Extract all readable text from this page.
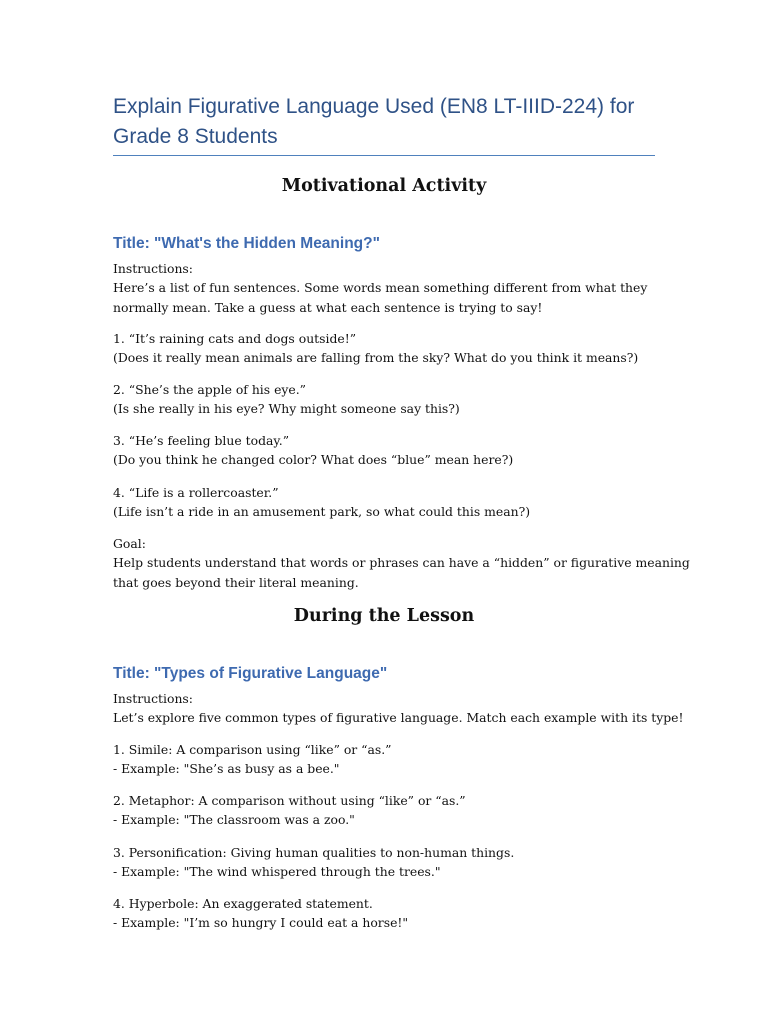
Explain Figurative Language Used (EN8 LT-IIID-224) for Grade 8 Students
Motivational Activity
Title: "What's the Hidden Meaning?"

Instructions:
Here’s a list of fun sentences. Some words mean something different from what they
normally mean. Take a guess at what each sentence is trying to say!

1. “It’s raining cats and dogs outside!”
(Does it really mean animals are falling from the sky? What do you think it means?)

2. “She’s the apple of his eye.”
(Is she really in his eye? Why might someone say this?)

3. “He’s feeling blue today.”
(Do you think he changed color? What does “blue” mean here?)

4. “Life is a rollercoaster.”
(Life isn’t a ride in an amusement park, so what could this mean?)

Goal:
Help students understand that words or phrases can have a “hidden” or figurative meaning
that goes beyond their literal meaning.

During the Lesson
Title: "Types of Figurative Language"

Instructions:
Let’s explore five common types of figurative language. Match each example with its type!

1. Simile: A comparison using “like” or “as.”
- Example: "She’s as busy as a bee."

2. Metaphor: A comparison without using “like” or “as.”
- Example: "The classroom was a zoo."

3. Personification: Giving human qualities to non-human things.
- Example: "The wind whispered through the trees."

4. Hyperbole: An exaggerated statement.
- Example: "I’m so hungry I could eat a horse!"
